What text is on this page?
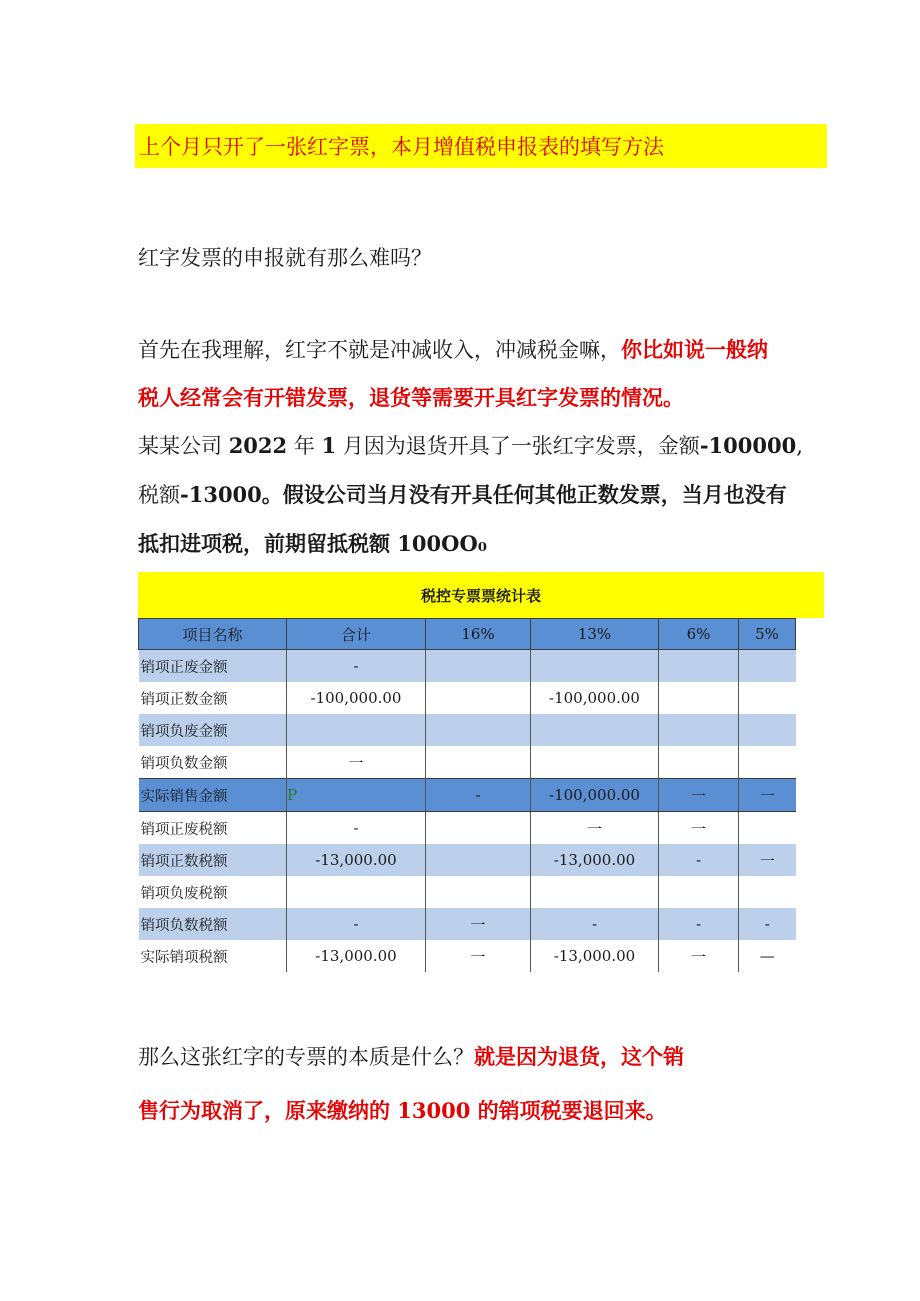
上个月只开了一张红字票，本月增值税申报表的填写方法
红字发票的申报就有那么难吗？
首先在我理解，红字不就是冲减收入，冲减税金嘛，你比如说一般纳
税人经常会有开错发票，退货等需要开具红字发票的情况。
某某公司 2022 年 1 月因为退货开具了一张红字发票，金额-100000,
税额-13000。假设公司当月没有开具任何其他正数发票，当月也没有
抵扣进项税，前期留抵税额 100OO₀
税控专票票统计表
项目名称	合计	16%	13%	6%	5%
销项正废金额	-				
销项正数金额	-100,000.00		-100,000.00		
销项负废金额					
销项负数金额	一				
实际销售金额	P	-	-100,000.00	一	一
销项正废税额	-		一	一	
销项正数税额	-13,000.00		-13,000.00	-	一
销项负废税额					
销项负数税额	-	一	-	-	-
实际销项税额	-13,000.00	一	-13,000.00	一	—
那么这张红字的专票的本质是什么？就是因为退货，这个销
售行为取消了，原来缴纳的 13000 的销项税要退回来。
